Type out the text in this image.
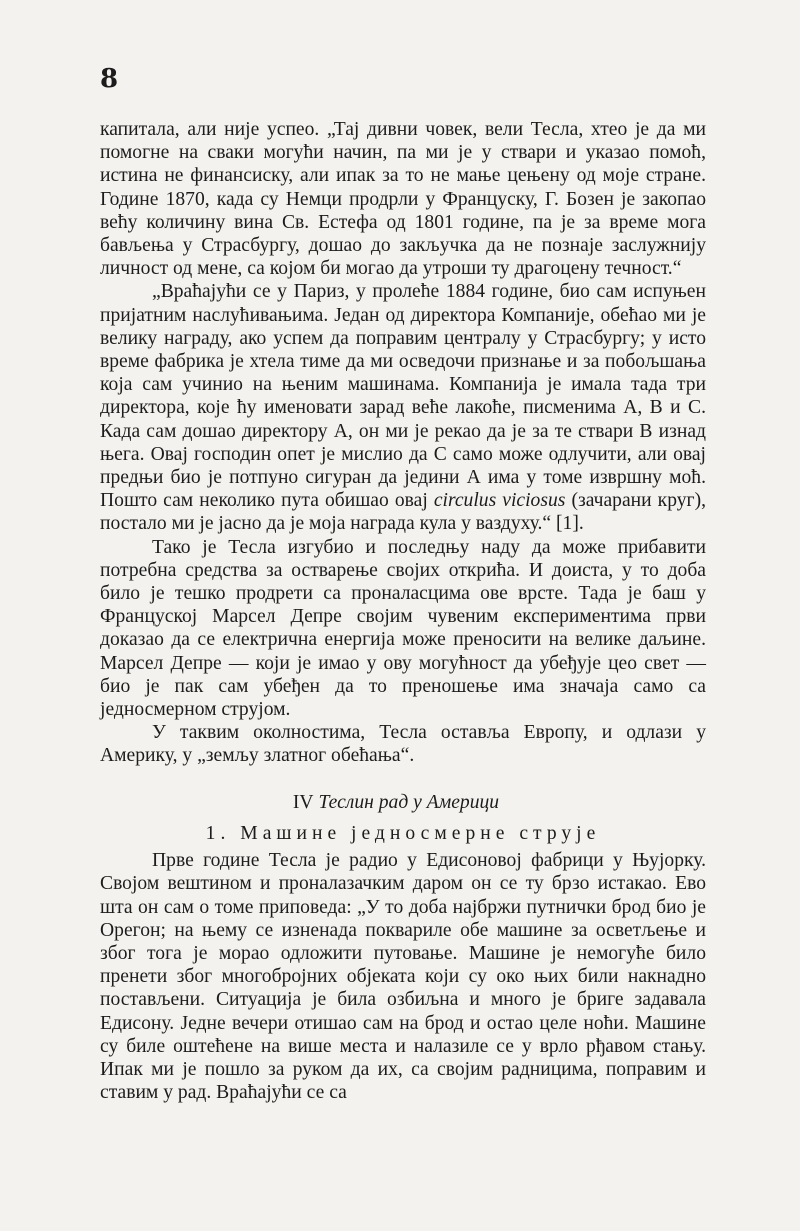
8

капитала, али није успео. „Тај дивни човек, вели Тесла, хтео је да ми помогне на сваки могући начин, па ми је у ствари и указао помоћ, истина не финансиску, али ипак за то не мање цењену од моје стране. Године 1870, када су Немци продрли у Француску, Г. Бозен је закопао већу количину вина Св. Естефа од 1801 године, па је за време мога бављења у Страсбургу, дошао до закључка да не познаје заслужнију личност од мене, са којом би могао да утроши ту драгоцену течност.“

„Враћајући се у Париз, у пролеће 1884 године, био сам испуњен пријатним наслућивањима. Један од директора Компаније, обећао ми је велику награду, ако успем да поправим централу у Страсбургу; у исто време фабрика је хтела тиме да ми осведочи признање и за побољшања која сам учинио на њеним машинама. Компанија је имала тада три директора, које ћу именовати зарад веће лакоће, писменима А, В и С. Када сам дошао директору А, он ми је рекао да је за те ствари В изнад њега. Овај господин опет је мислио да С само може одлучити, али овај предњи био је потпуно сигуран да једини А има у томе извршну моћ. Пошто сам неколико пута обишао овај circulus viciosus (зачарани круг), постало ми је јасно да је моја награда кула у ваздуху.“ [1].

Тако је Тесла изгубио и последњу наду да може прибавити потребна средства за остварење својих открића. И доиста, у то доба било је тешко продрети са проналасцима ове врсте. Тада је баш у Француској Марсел Депре својим чувеним експериментима први доказао да се електрична енергија може преносити на велике даљине. Марсел Депре — који је имао у ову могућност да убеђује цео свет — био је пак сам убеђен да то преношење има значаја само са једносмерном струјом.

У таквим околностима, Тесла оставља Европу, и одлази у Америку, у „земљу златног обећања“.

IV Теслин рад у Америци
1. Машине једносмерне струје

Прве године Тесла је радио у Едисоновој фабрици у Њујорку. Својом вештином и проналазачким даром он се ту брзо истакао. Ево шта он сам о томе приповеда: „У то доба најбржи путнички брод био је Орегон; на њему се изненада покварилe обе машине за осветљење и због тога је морао одложити путовање. Машине је немогуће било пренети због многобројних објеката који су око њих били накнадно постављени. Ситуација је била озбиљна и много је бриге задавала Едисону. Једне вечери отишао сам на брод и остао целе ноћи. Машине су биле оштећене на више места и налазиле се у врло рђавом стању. Ипак ми је пошло за руком да их, са својим радницима, поправим и ставим у рад. Враћајући се са
